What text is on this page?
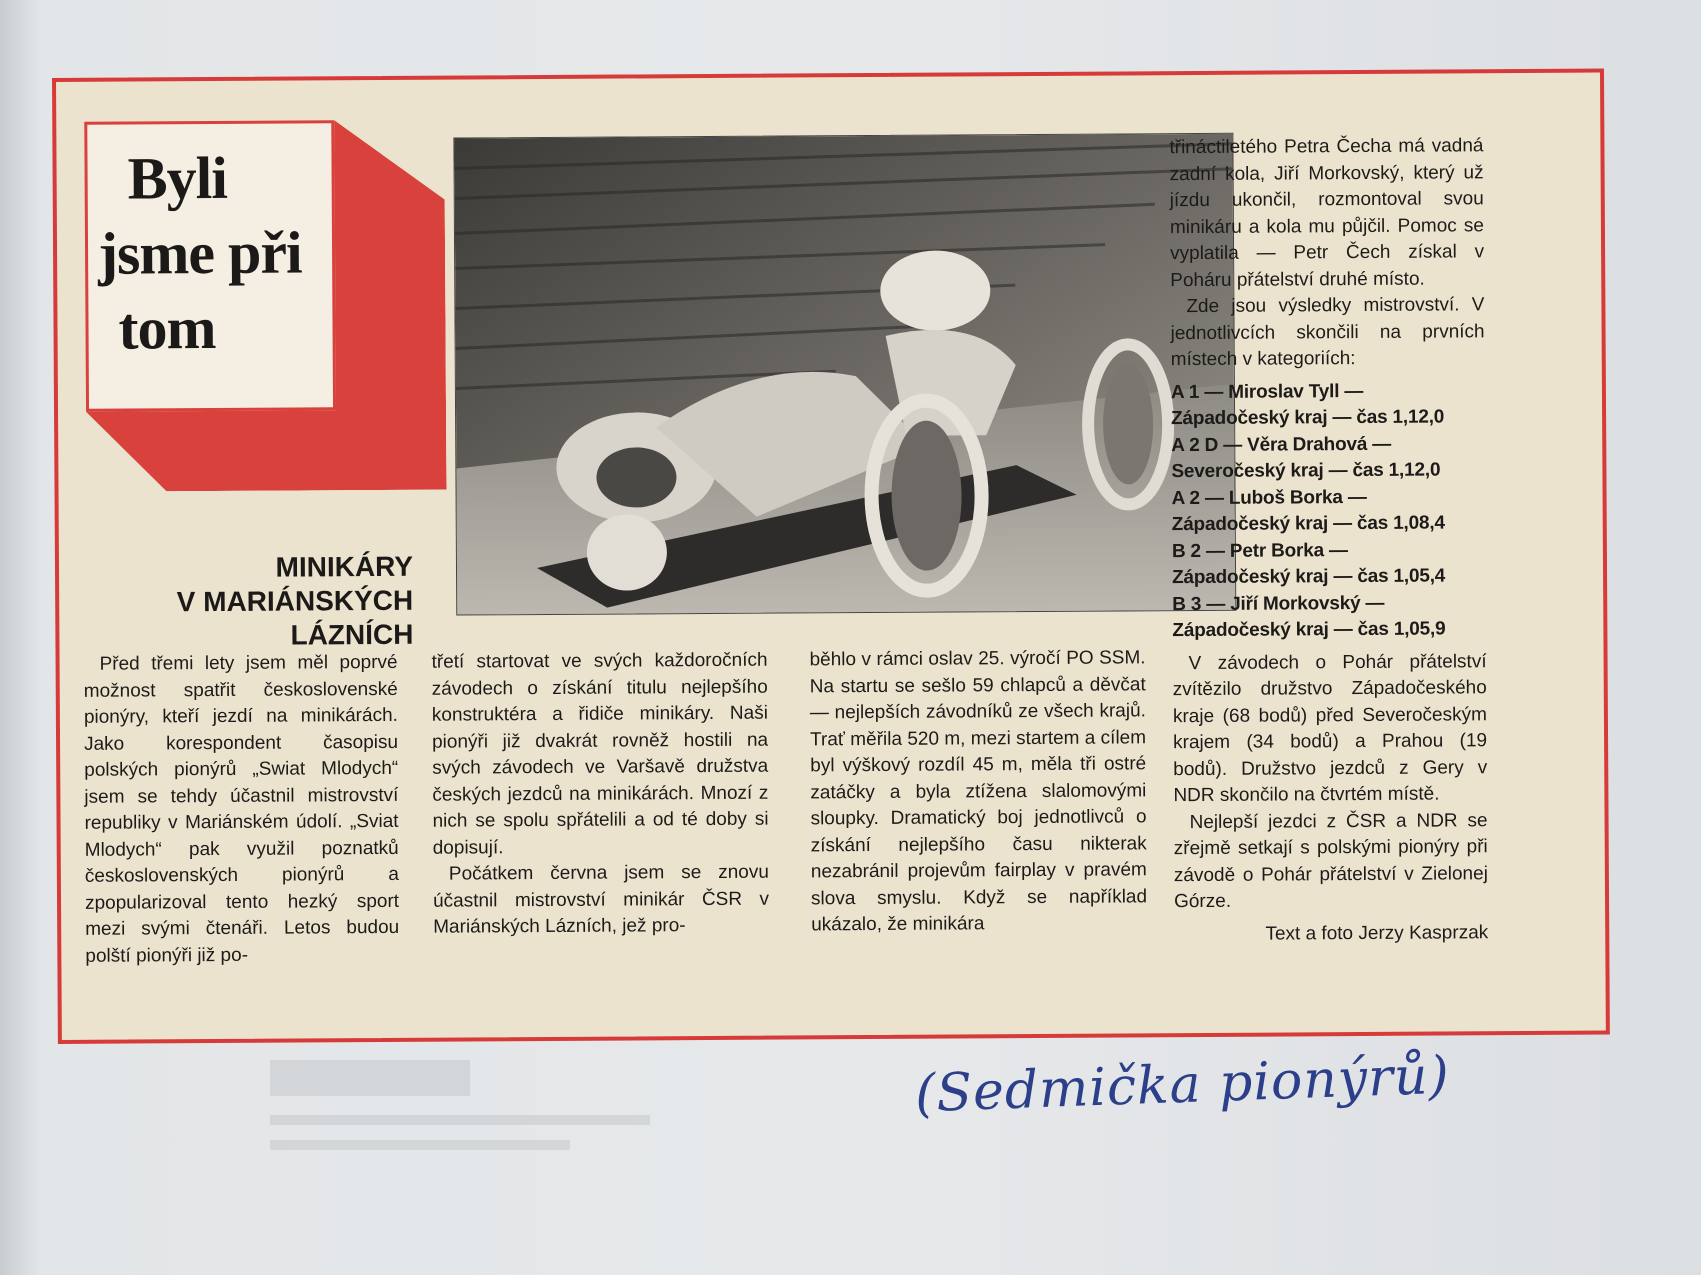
Byli
jsme při
tom
MINIKÁRY
V MARIÁNSKÝCH
LÁZNÍCH

Před třemi lety jsem měl poprvé možnost spatřit československé pionýry, kteří jezdí na minikárách. Jako korespondent časopisu polských pionýrů „Swiat Mlodych“ jsem se tehdy účastnil mistrovství republiky v Mariánském údolí. „Sviat Mlodych“ pak využil poznatků československých pionýrů a zpopularizoval tento hezký sport mezi svými čtenáři. Letos budou polští pionýři již po-

třetí startovat ve svých každoročních závodech o získání titulu nejlepšího konstruktéra a řidiče minikáry. Naši pionýři již dvakrát rovněž hostili na svých závodech ve Varšavě družstva českých jezdců na minikárách. Mnozí z nich se spolu spřátelili a od té doby si dopisují.

Počátkem června jsem se znovu účastnil mistrovství minikár ČSR v Mariánských Lázních, jež pro-

běhlo v rámci oslav 25. výročí PO SSM. Na startu se sešlo 59 chlapců a děvčat — nejlepších závodníků ze všech krajů. Trať měřila 520 m, mezi startem a cílem byl výškový rozdíl 45 m, měla tři ostré zatáčky a byla ztížena slalomovými sloupky. Dramatický boj jednotlivců o získání nejlepšího času nikterak nezabránil projevům fairplay v pravém slova smyslu. Když se například ukázalo, že minikára

třináctiletého Petra Čecha má vadná zadní kola, Jiří Morkovský, který už jízdu ukončil, rozmontoval svou minikáru a kola mu půjčil. Pomoc se vyplatila — Petr Čech získal v Poháru přátelství druhé místo.

Zde jsou výsledky mistrovství. V jednotlivcích skončili na prvních místech v kategoriích:

A 1 — Miroslav Tyll —
Západočeský kraj — čas 1,12,0
A 2 D — Věra Drahová —
Severočeský kraj — čas 1,12,0
A 2 — Luboš Borka —
Západočeský kraj — čas 1,08,4
B 2 — Petr Borka —
Západočeský kraj — čas 1,05,4
B 3 — Jiří Morkovský —
Západočeský kraj — čas 1,05,9

V závodech o Pohár přátelství zvítězilo družstvo Západočeského kraje (68 bodů) před Severočeským krajem (34 bodů) a Prahou (19 bodů). Družstvo jezdců z Gery v NDR skončilo na čtvrtém místě.

Nejlepší jezdci z ČSR a NDR se zřejmě setkají s polskými pionýry při závodě o Pohár přátelství v Zielonej Górze.

Text a foto Jerzy Kasprzak
(Sedmička pionýrů)
